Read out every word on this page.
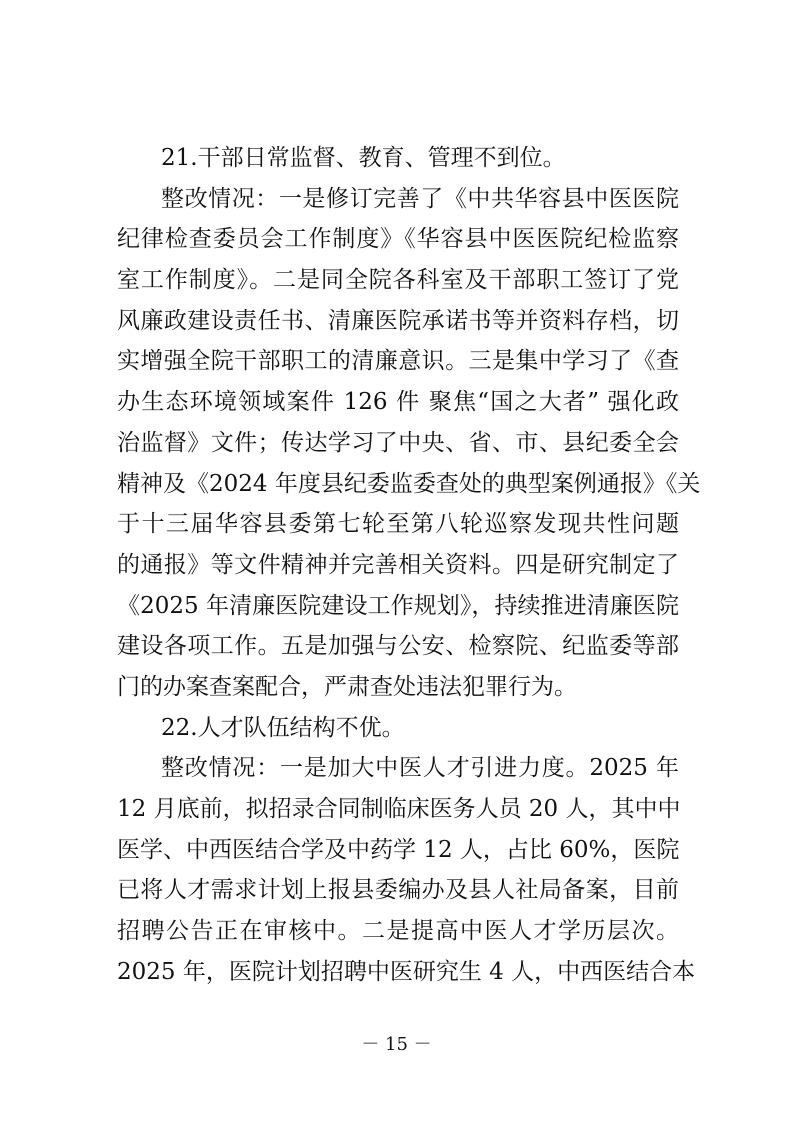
21.干部日常监督、教育、管理不到位。
整改情况：一是修订完善了《中共华容县中医医院
纪律检查委员会工作制度》《华容县中医医院纪检监察
室工作制度》。二是同全院各科室及干部职工签订了党
风廉政建设责任书、清廉医院承诺书等并资料存档，切
实增强全院干部职工的清廉意识。三是集中学习了《查
办生态环境领域案件 126 件 聚焦“国之大者” 强化政
治监督》文件；传达学习了中央、省、市、县纪委全会
精神及《2024 年度县纪委监委查处的典型案例通报》《关
于十三届华容县委第七轮至第八轮巡察发现共性问题
的通报》等文件精神并完善相关资料。四是研究制定了
《2025 年清廉医院建设工作规划》，持续推进清廉医院
建设各项工作。五是加强与公安、检察院、纪监委等部
门的办案查案配合，严肃查处违法犯罪行为。
22.人才队伍结构不优。
整改情况：一是加大中医人才引进力度。2025 年
12 月底前，拟招录合同制临床医务人员 20 人，其中中
医学、中西医结合学及中药学 12 人，占比 60%，医院
已将人才需求计划上报县委编办及县人社局备案，目前
招聘公告正在审核中。二是提高中医人才学历层次。
2025 年，医院计划招聘中医研究生 4 人，中西医结合本
－ 15 －
